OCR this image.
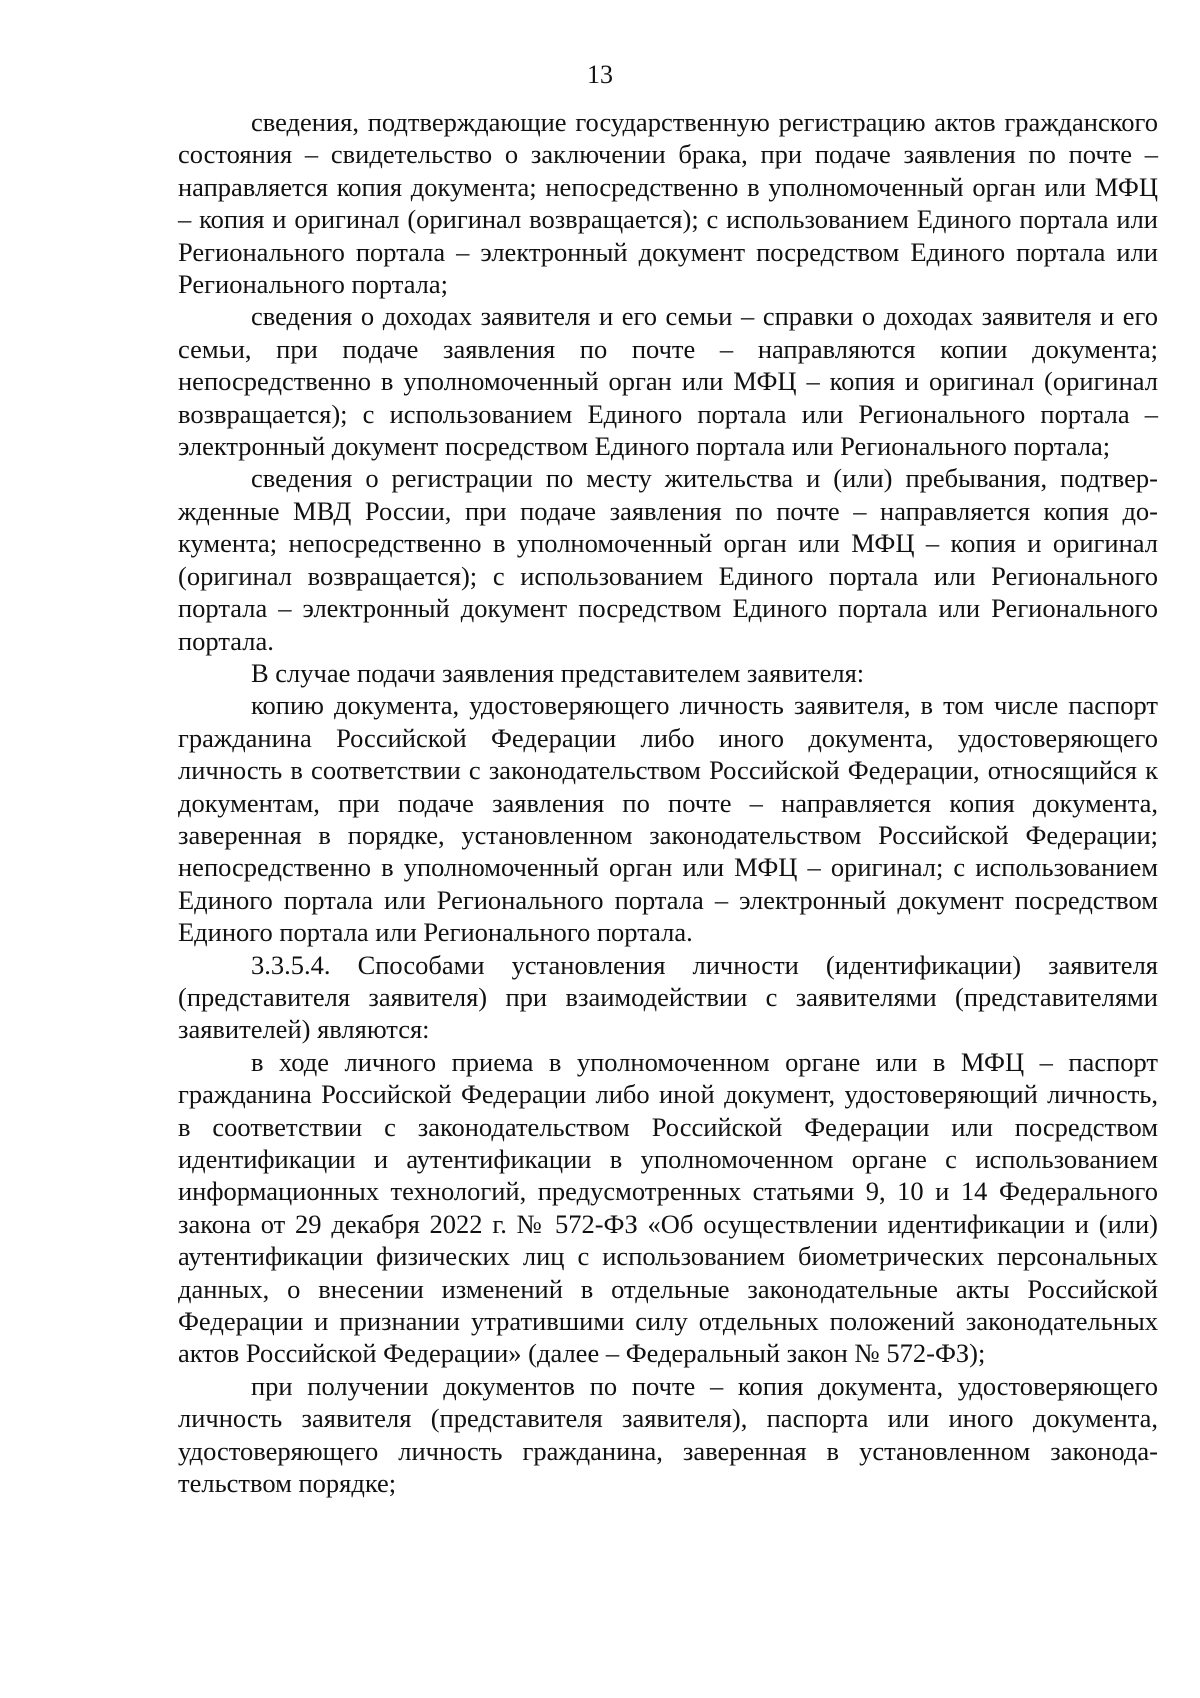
13

сведения, подтверждающие государственную регистрацию актов гражданского состояния – свидетельство о заключении брака, при подаче заявления по почте – направляется копия документа; непосредственно в уполномоченный орган или МФЦ – копия и оригинал (оригинал возвращается); с использованием Единого портала или Регионального портала – электронный документ посредством Единого портала или Регионального портала;

сведения о доходах заявителя и его семьи – справки о доходах заявителя и его семьи, при подаче заявления по почте – направляются копии документа; непосредственно в уполномоченный орган или МФЦ – копия и оригинал (оригинал возвращается); с использованием Единого портала или Регионального портала – электронный документ посредством Единого портала или Регионального портала;

сведения о регистрации по месту жительства и (или) пребывания, подтвержденные МВД России, при подаче заявления по почте – направляется копия документа; непосредственно в уполномоченный орган или МФЦ – копия и оригинал (оригинал возвращается); с использованием Единого портала или Регионального портала – электронный документ посредством Единого портала или Регионального портала.

В случае подачи заявления представителем заявителя:

копию документа, удостоверяющего личность заявителя, в том числе паспорт гражданина Российской Федерации либо иного документа, удостоверяющего личность в соответствии с законодательством Российской Федерации, относящийся к документам, при подаче заявления по почте – направляется копия документа, заверенная в порядке, установленном законодательством Российской Федерации; непосредственно в уполномоченный орган или МФЦ – оригинал; с использованием Единого портала или Регионального портала – электронный документ посредством Единого портала или Регионального портала.

3.3.5.4. Способами установления личности (идентификации) заявителя (представителя заявителя) при взаимодействии с заявителями (представителями заявителей) являются:

в ходе личного приема в уполномоченном органе или в МФЦ – паспорт гражданина Российской Федерации либо иной документ, удостоверяющий личность, в соответствии с законодательством Российской Федерации или посредством идентификации и аутентификации в уполномоченном органе с использованием информационных технологий, предусмотренных статьями 9, 10 и 14 Федерального закона от 29 декабря 2022 г. № 572-ФЗ «Об осуществлении идентификации и (или) аутентификации физических лиц с использованием биометрических персональных данных, о внесении изменений в отдельные законодательные акты Российской Федерации и признании утратившими силу отдельных положений законодательных актов Российской Федерации» (далее – Федеральный закон № 572-ФЗ);

при получении документов по почте – копия документа, удостоверяющего личность заявителя (представителя заявителя), паспорта или иного документа, удостоверяющего личность гражданина, заверенная в установленном законодательством порядке;
